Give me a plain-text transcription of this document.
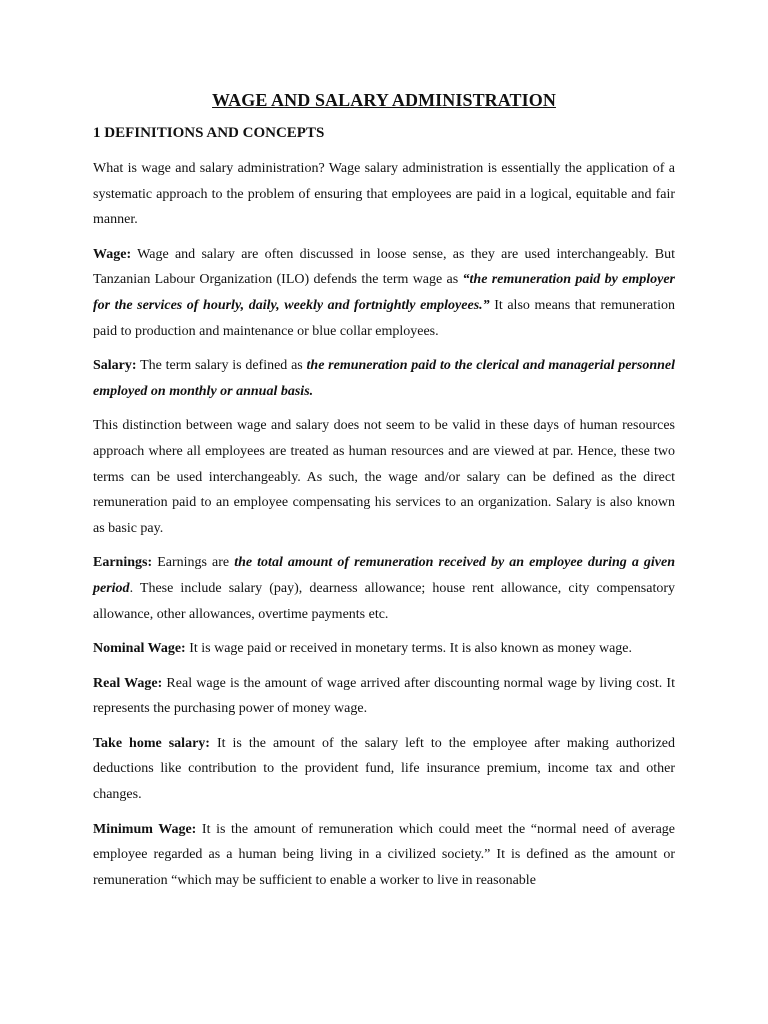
WAGE AND SALARY ADMINISTRATION
1 DEFINITIONS AND CONCEPTS

What is wage and salary administration? Wage salary administration is essentially the application of a systematic approach to the problem of ensuring that employees are paid in a logical, equitable and fair manner.

Wage: Wage and salary are often discussed in loose sense, as they are used interchangeably. But Tanzanian Labour Organization (ILO) defends the term wage as “the remuneration paid by employer for the services of hourly, daily, weekly and fortnightly employees.” It also means that remuneration paid to production and maintenance or blue collar employees.

Salary: The term salary is defined as the remuneration paid to the clerical and managerial personnel employed on monthly or annual basis.

This distinction between wage and salary does not seem to be valid in these days of human resources approach where all employees are treated as human resources and are viewed at par. Hence, these two terms can be used interchangeably. As such, the wage and/or salary can be defined as the direct remuneration paid to an employee compensating his services to an organization. Salary is also known as basic pay.

Earnings: Earnings are the total amount of remuneration received by an employee during a given period. These include salary (pay), dearness allowance; house rent allowance, city compensatory allowance, other allowances, overtime payments etc.

Nominal Wage: It is wage paid or received in monetary terms. It is also known as money wage.

Real Wage: Real wage is the amount of wage arrived after discounting normal wage by living cost. It represents the purchasing power of money wage.

Take home salary: It is the amount of the salary left to the employee after making authorized deductions like contribution to the provident fund, life insurance premium, income tax and other changes.

Minimum Wage: It is the amount of remuneration which could meet the “normal need of average employee regarded as a human being living in a civilized society.” It is defined as the amount or remuneration “which may be sufficient to enable a worker to live in reasonable
